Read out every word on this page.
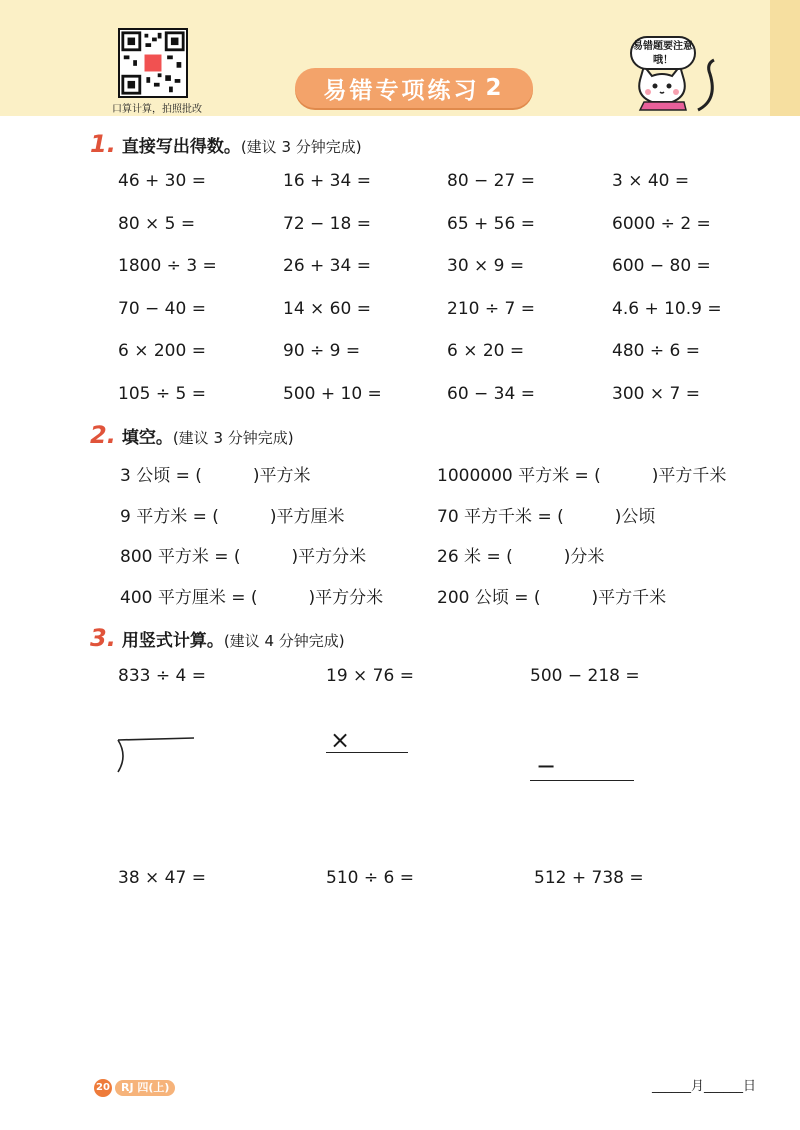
口算计算，拍照批改
易错专项练习 2
易错题要注意哦！
1. 直接写出得数。(建议 3 分钟完成)
46 + 30 =	16 + 34 =	80 − 27 =	3 × 40 =
80 × 5 =	72 − 18 =	65 + 56 =	6000 ÷ 2 =
1800 ÷ 3 =	26 + 34 =	30 × 9 =	600 − 80 =
70 − 40 =	14 × 60 =	210 ÷ 7 =	4.6 + 10.9 =
6 × 200 =	90 ÷ 9 =	6 × 20 =	480 ÷ 6 =
105 ÷ 5 =	500 + 10 =	60 − 34 =	300 × 7 =
2. 填空。(建议 3 分钟完成)
3 公顷 = (　　　)平方米	1000000 平方米 = (　　　)平方千米
9 平方米 = (　　　)平方厘米	70 平方千米 = (　　　)公顷
800 平方米 = (　　　)平方分米	26 米 = (　　　)分米
400 平方厘米 = (　　　)平方分米	200 公顷 = (　　　)平方千米
3. 用竖式计算。(建议 4 分钟完成)
833 ÷ 4 =	19 × 76 =	500 − 218 =
×
−
38 × 47 =	510 ÷ 6 =	512 + 738 =
20	RJ 四(上)	______月______日
